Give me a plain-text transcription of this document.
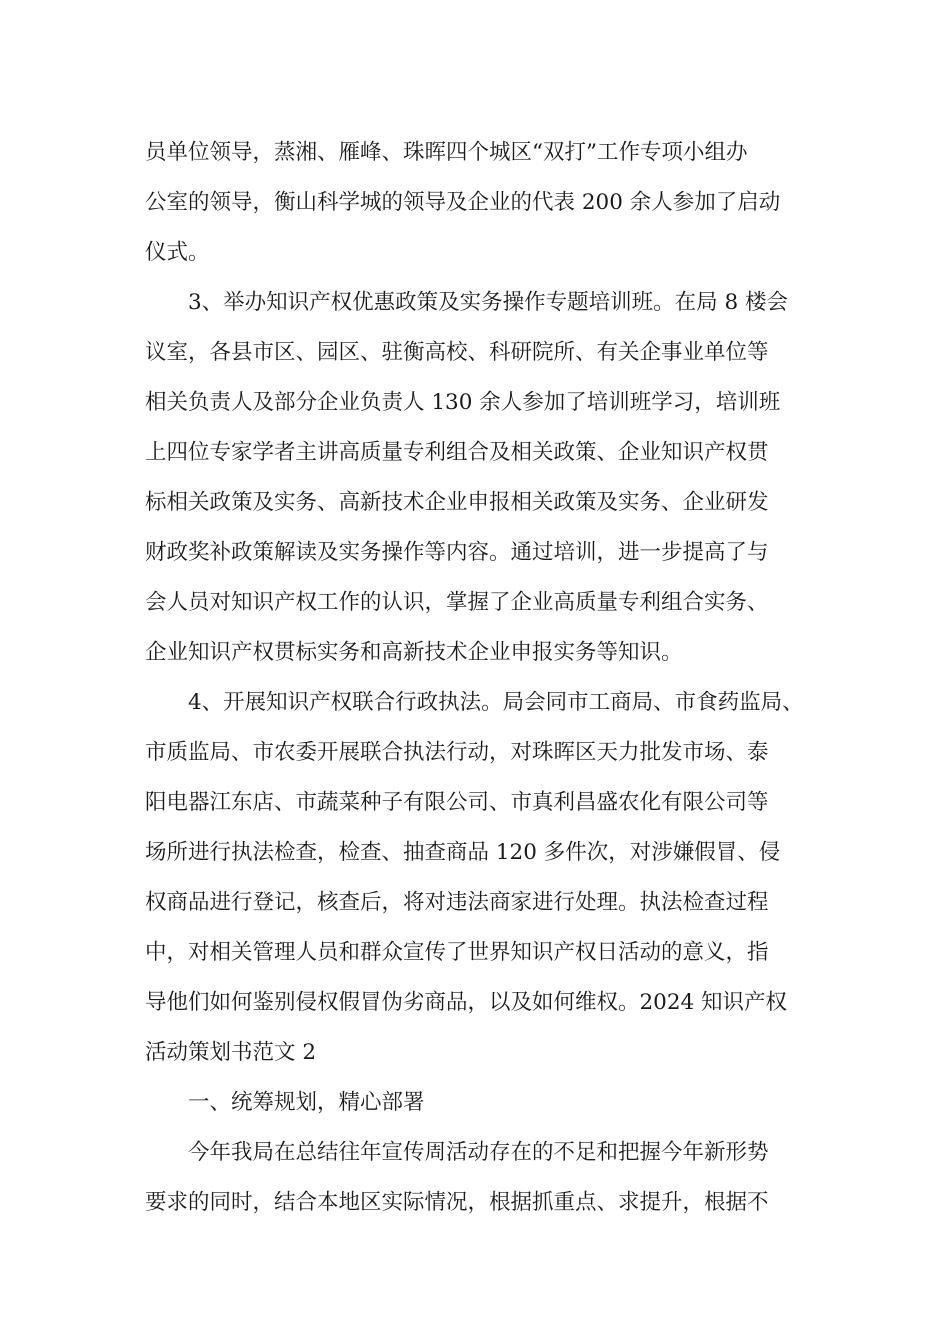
员单位领导，蒸湘、雁峰、珠晖四个城区“双打”工作专项小组办

公室的领导，衡山科学城的领导及企业的代表 200 余人参加了启动

仪式。

3、举办知识产权优惠政策及实务操作专题培训班。在局 8 楼会

议室，各县市区、园区、驻衡高校、科研院所、有关企事业单位等

相关负责人及部分企业负责人 130 余人参加了培训班学习，培训班

上四位专家学者主讲高质量专利组合及相关政策、企业知识产权贯

标相关政策及实务、高新技术企业申报相关政策及实务、企业研发

财政奖补政策解读及实务操作等内容。通过培训，进一步提高了与

会人员对知识产权工作的认识，掌握了企业高质量专利组合实务、

企业知识产权贯标实务和高新技术企业申报实务等知识。

4、开展知识产权联合行政执法。局会同市工商局、市食药监局、

市质监局、市农委开展联合执法行动，对珠晖区天力批发市场、泰

阳电器江东店、市蔬菜种子有限公司、市真利昌盛农化有限公司等

场所进行执法检查，检查、抽查商品 120 多件次，对涉嫌假冒、侵

权商品进行登记，核查后，将对违法商家进行处理。执法检查过程

中，对相关管理人员和群众宣传了世界知识产权日活动的意义，指

导他们如何鉴别侵权假冒伪劣商品，以及如何维权。2024 知识产权

活动策划书范文 2

一、统筹规划，精心部署

今年我局在总结往年宣传周活动存在的不足和把握今年新形势

要求的同时，结合本地区实际情况，根据抓重点、求提升，根据不
